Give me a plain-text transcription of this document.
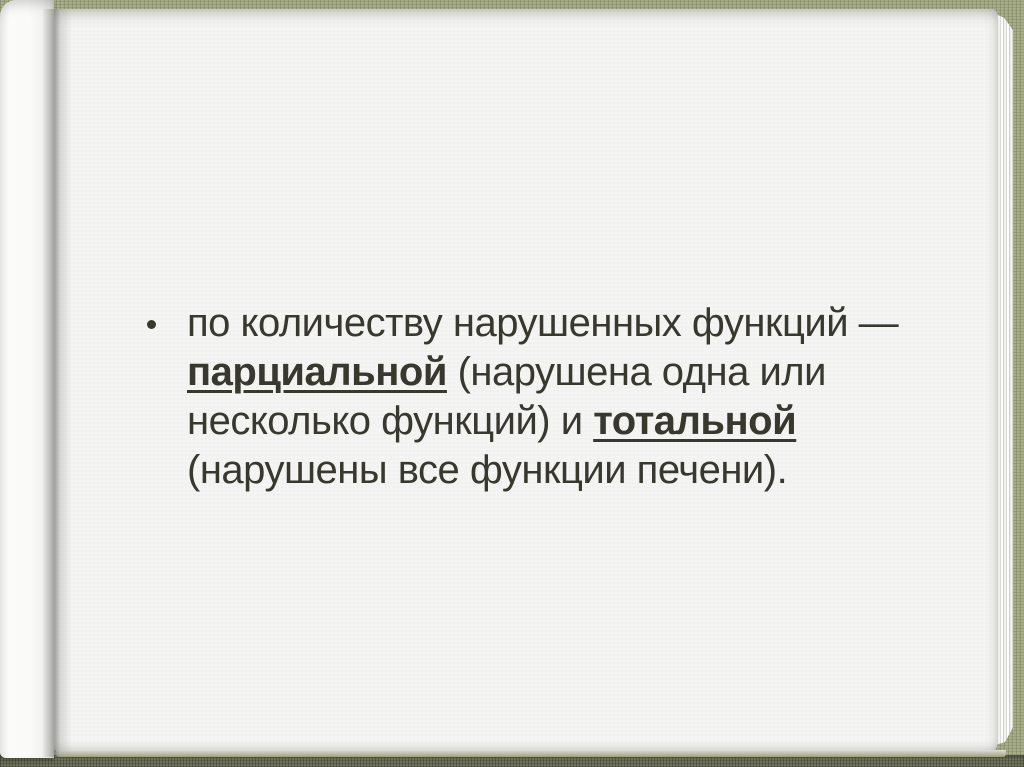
по количеству нарушенных функций —
парциальной (нарушена одна или
несколько функций) и тотальной
(нарушены все функции печени).
